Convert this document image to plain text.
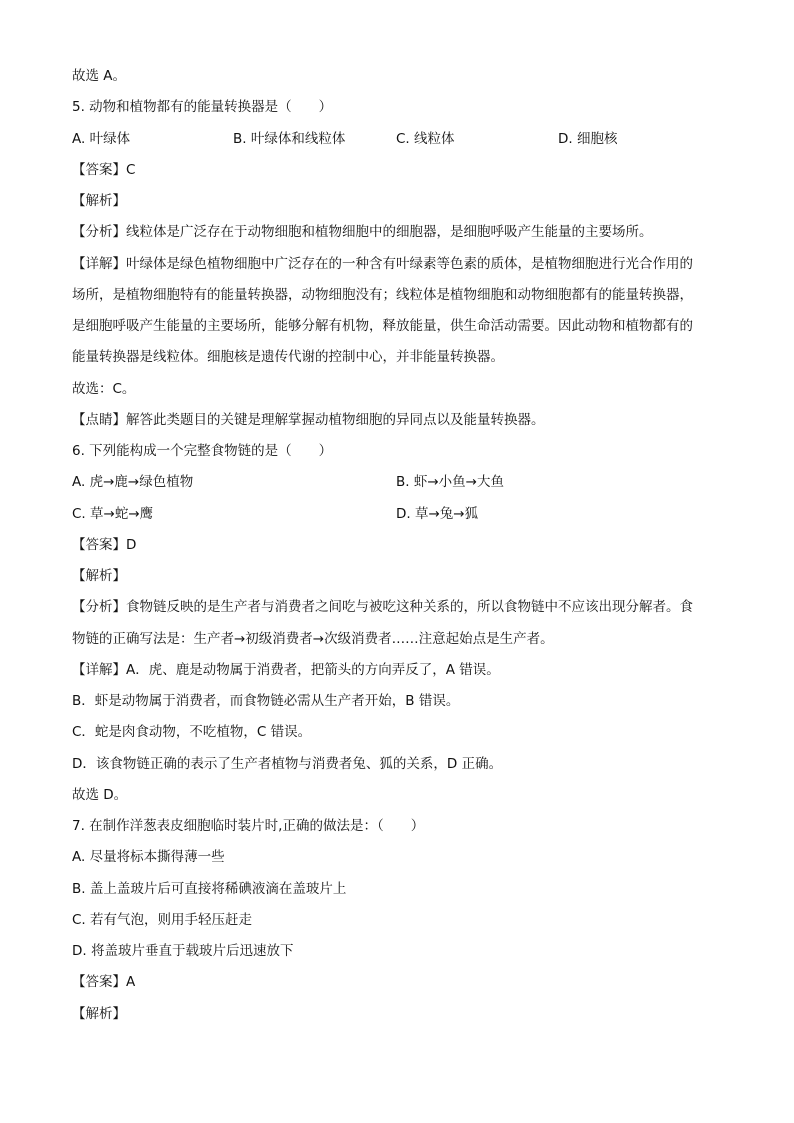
故选 A。
5. 动物和植物都有的能量转换器是（　　）
A. 叶绿体	B. 叶绿体和线粒体	C. 线粒体	D. 细胞核
【答案】C
【解析】
【分析】线粒体是广泛存在于动物细胞和植物细胞中的细胞器，是细胞呼吸产生能量的主要场所。
【详解】叶绿体是绿色植物细胞中广泛存在的一种含有叶绿素等色素的质体，是植物细胞进行光合作用的
场所，是植物细胞特有的能量转换器，动物细胞没有；线粒体是植物细胞和动物细胞都有的能量转换器，
是细胞呼吸产生能量的主要场所，能够分解有机物，释放能量，供生命活动需要。因此动物和植物都有的
能量转换器是线粒体。细胞核是遗传代谢的控制中心，并非能量转换器。
故选：C。
【点睛】解答此类题目的关键是理解掌握动植物细胞的异同点以及能量转换器。
6. 下列能构成一个完整食物链的是（　　）
A. 虎→鹿→绿色植物	B. 虾→小鱼→大鱼
C. 草→蛇→鹰	D. 草→兔→狐
【答案】D
【解析】
【分析】食物链反映的是生产者与消费者之间吃与被吃这种关系的，所以食物链中不应该出现分解者。食
物链的正确写法是：生产者→初级消费者→次级消费者……注意起始点是生产者。
【详解】A．虎、鹿是动物属于消费者，把箭头的方向弄反了，A 错误。
B．虾是动物属于消费者，而食物链必需从生产者开始，B 错误。
C．蛇是肉食动物，不吃植物，C 错误。
D．该食物链正确的表示了生产者植物与消费者兔、狐的关系，D 正确。
故选 D。
7. 在制作洋葱表皮细胞临时装片时,正确的做法是：（　　）
A. 尽量将标本撕得薄一些
B. 盖上盖玻片后可直接将稀碘液滴在盖玻片上
C. 若有气泡，则用手轻压赶走
D. 将盖玻片垂直于载玻片后迅速放下
【答案】A
【解析】
